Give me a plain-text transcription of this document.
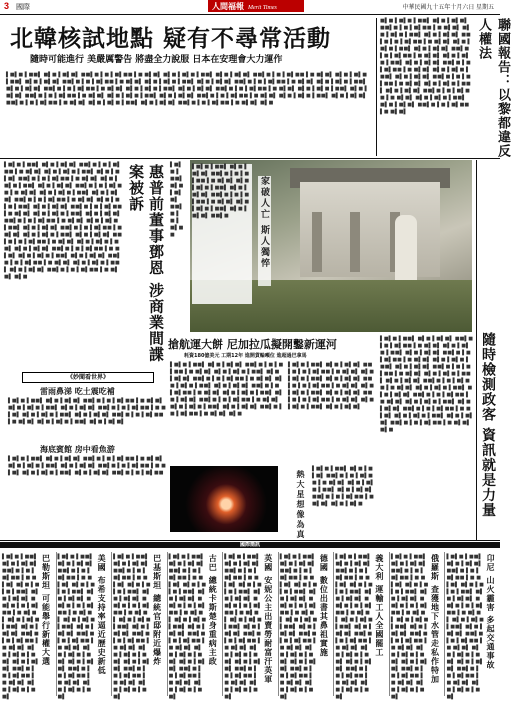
3 國際	人間福報 Merit Times	中華民國九十五年十月六日 星期五
北韓核試地點 疑有不尋常活動
隨時可能進行 美嚴厲警告 將盡全力說服 日本在安理會大力運作
▌■▌■ ▌■■▌ ■▌■ ▌■▌■▌ ■■▌■ ▌■ ▌■▌■■ ▌■ ■▌■▌ ■▌■ ▌■▌■ ▌■■▌ ■▌■ ▌■▌■▌ ■■▌■ ▌■ ▌■▌■■ ▌■ ■▌■▌ ■▌■ ▌■▌■ ▌■■▌ ■▌■ ▌■▌■▌ ■■▌■ ▌■ ▌■▌■■ ▌■ ■▌■▌ ■▌■ ▌■▌■ ▌■■▌ ■▌■ ▌■▌■▌ ■■▌■ ▌■ ▌■▌■■ ▌■ ■▌■▌ ■▌■ ▌■▌■ ▌■■▌ ■▌■ ▌■▌■▌ ■■▌■ ▌■ ▌■▌■■ ▌■ ■▌■▌ ■▌■ ▌■▌■ ▌■■▌ ■▌■ ▌■▌■▌ ■■▌■ ▌■ ▌■▌■■ ▌■ ■▌■▌ ■▌■ ▌■▌■ ▌■■▌ ■▌■ ▌■▌■▌ ■■▌■ ▌■ ▌■▌■■ ▌■ ■▌■▌ ■▌■ ▌■▌■ ▌■■▌ ■▌■ ▌■▌■▌ ■■▌■ ▌■ ▌■▌■■ ▌■ ■▌■▌ ■▌■ ▌■▌■ ▌■■▌ ■▌■ ▌■▌■▌ ■■▌■ ▌■ ▌■▌■■ ▌■ ■▌■▌ ■▌■ ▌■▌■ ▌■■▌ ■▌■ ▌■▌■▌ ■■▌■ ▌■ ▌■▌■■ ▌■ ■▌■▌ ■▌■
■▌■ ▌■▌■ ▌■■▌ ■▌■ ▌■▌■▌ ■■▌■ ▌■ ▌■▌■■ ▌■ ■▌■▌ ■▌■ ▌■▌■ ▌■■▌ ■▌■ ▌■▌■▌ ■■▌■ ▌■ ▌■▌■■ ▌■ ■▌■▌ ■▌■ ▌■▌■ ▌■■▌ ■▌■ ▌■▌■▌ ■■▌■ ▌■ ▌■▌■■ ▌■ ■▌■▌ ■▌■ ▌■▌■ ▌■■▌ ■▌■ ▌■▌■▌ ■■▌■ ▌■ ▌■▌■■ ▌■ ■▌■▌ ■▌■ ▌■▌■ ▌■■▌ ■▌■ ▌■▌■▌ ■■▌■ ▌■ ▌■▌■■ ▌■ ■▌■▌ ■▌■ ▌■▌■ ▌■■▌ ■▌■ ▌■▌■▌ ■■▌■ ▌■ ▌■▌■■ ▌■ ■▌■▌ ■▌■ ▌■▌■ ▌■■▌ ■▌■ ▌■▌■▌ ■■▌■ ▌■ ▌■▌■■ ▌■ ■▌■▌	聯國報告：以黎都違反人權法
▌■▌■ ▌■■▌ ■▌■ ▌■▌■▌ ■■▌■ ▌■ ▌■▌■■ ▌■ ■▌■▌ ■▌■ ▌■▌■ ▌■■▌ ■▌■ ▌■▌■▌ ■■▌■ ▌■ ▌■▌■■ ▌■ ■▌■▌ ■▌■ ▌■▌■ ▌■■▌ ■▌■ ▌■▌■▌ ■■▌■ ▌■ ▌■▌■■ ▌■ ■▌■▌ ■▌■ ▌■▌■ ▌■■▌ ■▌■ ▌■▌■▌ ■■▌■ ▌■ ▌■▌■■ ▌■ ■▌■▌ ■▌■ ▌■▌■ ▌■■▌ ■▌■ ▌■▌■▌ ■■▌■ ▌■ ▌■▌■■ ▌■ ■▌■▌ ■▌■ ▌■▌■ ▌■■▌ ■▌■ ▌■▌■▌ ■■▌■ ▌■ ▌■▌■■ ▌■ ■▌■▌ ■▌■ ▌■▌■ ▌■■▌ ■▌■ ▌■▌■▌ ■■▌■ ▌■ ▌■▌■■ ▌■ ■▌■▌ ■▌■ ▌■▌■ ▌■■▌ ■▌■ ▌■▌■▌ ■■▌■ ▌■ ▌■▌■■ ▌■ ■▌■▌ ■▌■ ▌■▌■ ▌■■▌ ■▌■ ▌■▌■▌ ■■▌■ ▌■ ▌■▌■■ ▌■ ■▌■▌ ■▌■ ▌■▌■ ▌■■▌ ■▌■ ▌■▌■▌ ■■▌■ ▌■ ▌■▌■■ ▌■ ■▌■▌ ■▌■ ▌■▌■ ▌■■▌ ■▌■ ▌■▌■▌ ■■▌■ ▌■ ▌■▌■■ ▌■ ■▌■▌ ■▌■	惠普前董事鄧恩 涉商業間諜案被訴	▌■▌■ ▌■■▌ ■▌■ ▌■▌■▌ ■■▌■ ▌■ ▌■▌■■
《妙聞看世界》
雷雨鼻涕 吃土震吃補
▌■▌■ ▌■■▌ ■▌■ ▌■▌■▌ ■■▌■ ▌■ ▌■▌■■ ▌■ ■▌■▌ ■▌■ ▌■▌■ ▌■■▌ ■▌■ ▌■▌■▌ ■■▌■ ▌■ ▌■▌■■ ▌■ ■▌■▌ ■▌■ ▌■▌■ ▌■■▌ ■▌■ ▌■▌■▌ ■■▌■ ▌■ ▌■▌■■ ▌■ ■▌■▌ ■▌■ ▌■▌■ ▌■■▌ ■▌■ ▌■▌■▌
海底賓館 房中看魚游
▌■▌■ ▌■■▌ ■▌■ ▌■▌■▌ ■■▌■ ▌■ ▌■▌■■ ▌■ ■▌■▌ ■▌■ ▌■▌■ ▌■■▌ ■▌■ ▌■▌■▌ ■■▌■ ▌■ ▌■▌■■ ▌■ ■▌■▌ ■▌■ ▌■▌■ ▌■■▌ ■▌■ ▌■▌■▌ ■■▌■ ▌■ ▌■▌■■
▌■▌■ ▌■■▌ ■▌■ ▌■▌■▌ ■■▌■ ▌■ ▌■▌■■ ▌■ ■▌■▌ ■▌■ ▌■▌■ ▌■■▌ ■▌■ ▌■▌■▌ ■■▌■ ▌■ ▌■▌■■ ▌■ ■▌■▌ ■▌■ ▌■▌■ ▌■■▌ ■▌■ ▌■▌■▌ ■■▌■	家破人亡 斯人獨悴
隨時檢測政客 資訊就是力量
▌■▌■ ▌■■▌ ■▌■ ▌■▌■▌ ■■▌■ ▌■ ▌■▌■■ ▌■ ■▌■▌ ■▌■ ▌■▌■ ▌■■▌ ■▌■ ▌■▌■▌ ■■▌■ ▌■ ▌■▌■■ ▌■ ■▌■▌ ■▌■ ▌■▌■ ▌■■▌ ■▌■ ▌■▌■▌ ■■▌■ ▌■ ▌■▌■■ ▌■ ■▌■▌ ■▌■ ▌■▌■ ▌■■▌ ■▌■ ▌■▌■▌ ■■▌■ ▌■ ▌■▌■■ ▌■ ■▌■▌ ■▌■ ▌■▌■ ▌■■▌ ■▌■ ▌■▌■▌ ■■▌■ ▌■ ▌■▌■■ ▌■ ■▌■▌ ■▌■ ▌■▌■ ▌■■▌ ■▌■ ▌■▌■▌ ■■▌■ ▌■ ▌■▌■■ ▌■ ■▌■▌ ■▌■ ▌■▌■ ▌■■▌ ■▌■ ▌■▌■▌ ■■▌■ ▌■ ▌■▌■■ ▌■ ■▌■▌ ■▌■
搶航運大餅 尼加拉瓜擬開鑿新運河
耗資180億美元 工期12年 進開貨輪噸位 進超過巴拿馬
▌■▌■ ▌■■▌ ■▌■ ▌■▌■▌ ■■▌■ ▌■ ▌■▌■■ ▌■ ■▌■▌ ■▌■ ▌■▌■ ▌■■▌ ■▌■ ▌■▌■▌ ■■▌■ ▌■ ▌■▌■■ ▌■ ■▌■▌ ■▌■ ▌■▌■ ▌■■▌ ■▌■ ▌■▌■▌ ■■▌■ ▌■ ▌■▌■■ ▌■ ■▌■▌ ■▌■ ▌■▌■ ▌■■▌ ■▌■ ▌■▌■▌ ■■▌■ ▌■ ▌■▌■■ ▌■ ■▌■▌ ■▌■ ▌■▌■ ▌■■▌ ■▌■ ▌■▌■▌ ■■▌■ ▌■ ▌■▌■■ ▌■ ■▌■▌ ■▌■
▌■▌■ ▌■■▌ ■▌■ ▌■▌■▌ ■■▌■ ▌■ ▌■▌■■ ▌■ ■▌■▌ ■▌■ ▌■▌■ ▌■■▌ ■▌■ ▌■▌■▌ ■■▌■ ▌■ ▌■▌■■ ▌■ ■▌■▌ ■▌■ ▌■▌■ ▌■■▌ ■▌■ ▌■▌■▌ ■■▌■ ▌■ ▌■▌■■ ▌■ ■▌■▌ ■▌■ ▌■▌■ ▌■■▌ ■▌■ ▌■▌■▌
熱大星想像為真
▌■▌■ ▌■■▌ ■▌■ ▌■▌■▌ ■■▌■ ▌■ ▌■▌■■ ▌■ ■▌■▌ ■▌■ ▌■▌■ ▌■■▌ ■▌■ ▌■▌■▌ ■■▌■ ▌■ ▌■▌■■ ▌■ ■▌■▌ ■▌■ ▌■▌■
國際簡訊
卬尼 山火霾害 多起交通事故
▌■▌■ ▌■■▌ ■▌■ ▌■▌■▌ ■■▌■ ▌■ ▌■▌■■ ▌■ ■▌■▌ ■▌■ ▌■▌■ ▌■■▌ ■▌■ ▌■▌■▌ ■■▌■ ▌■ ▌■▌■■ ▌■ ■▌■▌ ■▌■ ▌■▌■ ▌■■▌ ■▌■ ▌■▌■▌ ■■▌■ ▌■ ▌■▌■■ ▌■ ■▌■▌ ■▌■ ▌■▌■ ▌■■▌ ■▌■ ▌■▌■▌ ■■▌■ ▌■ ▌■▌■■ ▌■ ■▌■▌ ■▌■ ▌■▌■ ▌■■▌
俄羅斯 查獲地下水管走私作特加
▌■▌■ ▌■■▌ ■▌■ ▌■▌■▌ ■■▌■ ▌■ ▌■▌■■ ▌■ ■▌■▌ ■▌■ ▌■▌■ ▌■■▌ ■▌■ ▌■▌■▌ ■■▌■ ▌■ ▌■▌■■ ▌■ ■▌■▌ ■▌■ ▌■▌■ ▌■■▌ ■▌■ ▌■▌■▌ ■■▌■ ▌■ ▌■▌■■ ▌■ ■▌■▌ ■▌■ ▌■▌■ ▌■■▌ ■▌■ ▌■▌■▌ ■■▌■ ▌■ ▌■▌■■ ▌■ ■▌■▌ ■▌■ ▌■▌■ ▌■■▌
義大利 運輸工人全國罷工
▌■▌■ ▌■■▌ ■▌■ ▌■▌■▌ ■■▌■ ▌■ ▌■▌■■ ▌■ ■▌■▌ ■▌■ ▌■▌■ ▌■■▌ ■▌■ ▌■▌■▌ ■■▌■ ▌■ ▌■▌■■ ▌■ ■▌■▌ ■▌■ ▌■▌■ ▌■■▌ ■▌■ ▌■▌■▌ ■■▌■ ▌■ ▌■▌■■ ▌■ ■▌■▌ ■▌■ ▌■▌■ ▌■■▌ ■▌■ ▌■▌■▌ ■■▌■ ▌■ ▌■▌■■ ▌■ ■▌■▌ ■▌■ ▌■▌■ ▌■■▌
德國 數位出書其鼻祖實施
▌■▌■ ▌■■▌ ■▌■ ▌■▌■▌ ■■▌■ ▌■ ▌■▌■■ ▌■ ■▌■▌ ■▌■ ▌■▌■ ▌■■▌ ■▌■ ▌■▌■▌ ■■▌■ ▌■ ▌■▌■■ ▌■ ■▌■▌ ■▌■ ▌■▌■ ▌■■▌ ■▌■ ▌■▌■▌ ■■▌■ ▌■ ▌■▌■■ ▌■ ■▌■▌ ■▌■ ▌■▌■ ▌■■▌ ■▌■ ▌■▌■▌ ■■▌■ ▌■ ▌■▌■■ ▌■ ■▌■▌ ■▌■ ▌■▌■ ▌■■▌
英國 安妮公主出賣勞耐富汗英軍
▌■▌■ ▌■■▌ ■▌■ ▌■▌■▌ ■■▌■ ▌■ ▌■▌■■ ▌■ ■▌■▌ ■▌■ ▌■▌■ ▌■■▌ ■▌■ ▌■▌■▌ ■■▌■ ▌■ ▌■▌■■ ▌■ ■▌■▌ ■▌■ ▌■▌■ ▌■■▌ ■▌■ ▌■▌■▌ ■■▌■ ▌■ ▌■▌■■ ▌■ ■▌■▌ ■▌■ ▌■▌■ ▌■■▌ ■▌■ ▌■▌■▌ ■■▌■ ▌■ ▌■▌■■ ▌■ ■▌■▌ ■▌■ ▌■▌■ ▌■■▌
古巴 總統卡斯楚身重病主政
▌■▌■ ▌■■▌ ■▌■ ▌■▌■▌ ■■▌■ ▌■ ▌■▌■■ ▌■ ■▌■▌ ■▌■ ▌■▌■ ▌■■▌ ■▌■ ▌■▌■▌ ■■▌■ ▌■ ▌■▌■■ ▌■ ■▌■▌ ■▌■ ▌■▌■ ▌■■▌ ■▌■ ▌■▌■▌ ■■▌■ ▌■ ▌■▌■■ ▌■ ■▌■▌ ■▌■ ▌■▌■ ▌■■▌ ■▌■ ▌■▌■▌ ■■▌■ ▌■ ▌■▌■■ ▌■ ■▌■▌ ■▌■ ▌■▌■ ▌■■▌
巴基斯坦 總統官邸附近爆炸
▌■▌■ ▌■■▌ ■▌■ ▌■▌■▌ ■■▌■ ▌■ ▌■▌■■ ▌■ ■▌■▌ ■▌■ ▌■▌■ ▌■■▌ ■▌■ ▌■▌■▌ ■■▌■ ▌■ ▌■▌■■ ▌■ ■▌■▌ ■▌■ ▌■▌■ ▌■■▌ ■▌■ ▌■▌■▌ ■■▌■ ▌■ ▌■▌■■ ▌■ ■▌■▌ ■▌■ ▌■▌■ ▌■■▌ ■▌■ ▌■▌■▌ ■■▌■ ▌■ ▌■▌■■ ▌■ ■▌■▌ ■▌■ ▌■▌■ ▌■■▌
美國 布希支持率逼近歷史新低
▌■▌■ ▌■■▌ ■▌■ ▌■▌■▌ ■■▌■ ▌■ ▌■▌■■ ▌■ ■▌■▌ ■▌■ ▌■▌■ ▌■■▌ ■▌■ ▌■▌■▌ ■■▌■ ▌■ ▌■▌■■ ▌■ ■▌■▌ ■▌■ ▌■▌■ ▌■■▌ ■▌■ ▌■▌■▌ ■■▌■ ▌■ ▌■▌■■ ▌■ ■▌■▌ ■▌■ ▌■▌■ ▌■■▌ ■▌■ ▌■▌■▌ ■■▌■ ▌■ ▌■▌■■ ▌■ ■▌■▌ ■▌■ ▌■▌■ ▌■■▌
巴勒斯坦 可能舉行新權大選
▌■▌■ ▌■■▌ ■▌■ ▌■▌■▌ ■■▌■ ▌■ ▌■▌■■ ▌■ ■▌■▌ ■▌■ ▌■▌■ ▌■■▌ ■▌■ ▌■▌■▌ ■■▌■ ▌■ ▌■▌■■ ▌■ ■▌■▌ ■▌■ ▌■▌■ ▌■■▌ ■▌■ ▌■▌■▌ ■■▌■ ▌■ ▌■▌■■ ▌■ ■▌■▌ ■▌■ ▌■▌■ ▌■■▌ ■▌■ ▌■▌■▌ ■■▌■ ▌■ ▌■▌■■ ▌■ ■▌■▌ ■▌■ ▌■▌■ ▌■■▌
